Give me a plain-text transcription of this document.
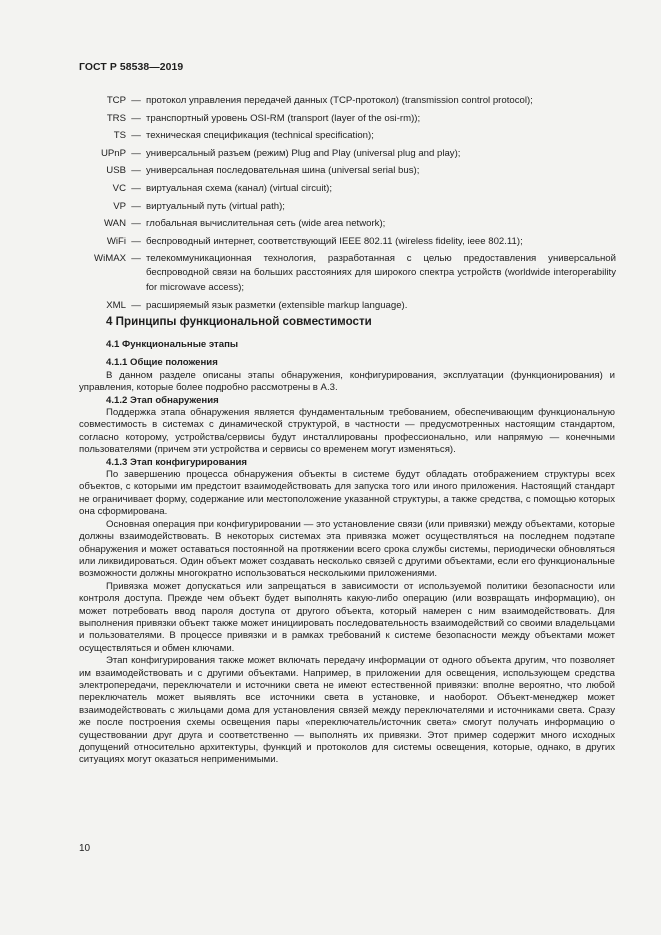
ГОСТ Р 58538—2019
TCP — протокол управления передачей данных (TCP-протокол) (transmission control protocol);
TRS — транспортный уровень OSI-RM (transport (layer of the osi-rm));
TS — техническая спецификация (technical specification);
UPnP — универсальный разъем (режим) Plug and Play (universal plug and play);
USB — универсальная последовательная шина (universal serial bus);
VC — виртуальная схема (канал) (virtual circuit);
VP — виртуальный путь (virtual path);
WAN — глобальная вычислительная сеть (wide area network);
WiFi — беспроводный интернет, соответствующий IEEE 802.11 (wireless fidelity, ieee 802.11);
WiMAX — телекоммуникационная технология, разработанная с целью предоставления универсальной беспроводной связи на больших расстояниях для широкого спектра устройств (worldwide interoperability for microwave access);
XML — расширяемый язык разметки (extensible markup language).
4 Принципы функциональной совместимости
4.1 Функциональные этапы
4.1.1 Общие положения

В данном разделе описаны этапы обнаружения, конфигурирования, эксплуатации (функционирования) и управления, которые более подробно рассмотрены в А.3.

4.1.2 Этап обнаружения

Поддержка этапа обнаружения является фундаментальным требованием, обеспечивающим функциональную совместимость в системах с динамической структурой, в частности — предусмотренных настоящим стандартом, согласно которому, устройства/сервисы будут инсталлированы профессионально, или напрямую — конечными пользователями (причем эти устройства и сервисы со временем могут изменяться).

4.1.3 Этап конфигурирования

По завершению процесса обнаружения объекты в системе будут обладать отображением структуры всех объектов, с которыми им предстоит взаимодействовать для запуска того или иного приложения. Настоящий стандарт не ограничивает форму, содержание или местоположение указанной структуры, а также средства, с помощью которых она сформирована.

Основная операция при конфигурировании — это установление связи (или привязки) между объектами, которые должны взаимодействовать. В некоторых системах эта привязка может осуществляться на последнем подэтапе обнаружения и может оставаться постоянной на протяжении всего срока службы системы, периодически обновляться или ликвидироваться. Один объект может создавать несколько связей с другими объектами, если его функциональные возможности должны многократно использоваться несколькими приложениями.

Привязка может допускаться или запрещаться в зависимости от используемой политики безопасности или контроля доступа. Прежде чем объект будет выполнять какую-либо операцию (или возвращать информацию), он может потребовать ввод пароля доступа от другого объекта, который намерен с ним взаимодействовать. Для выполнения привязки объект также может инициировать последовательность взаимодействий со своими владельцами и пользователями. В процессе привязки и в рамках требований к системе безопасности между объектами может осуществляться и обмен ключами.

Этап конфигурирования также может включать передачу информации от одного объекта другим, что позволяет им взаимодействовать и с другими объектами. Например, в приложении для освещения, использующем средства электропередачи, переключатели и источники света не имеют естественной привязки: вполне вероятно, что любой переключатель может выявлять все источники света в установке, и наоборот. Объект-менеджер может взаимодействовать с жильцами дома для установления связей между переключателями и источниками света. Сразу же после построения схемы освещения пары «переключатель/источник света» смогут получать информацию о существовании друг друга и соответственно — выполнять их привязки. Этот пример содержит много исходных допущений относительно архитектуры, функций и протоколов для системы освещения, которые, однако, в других ситуациях могут оказаться неприменимыми.

10
